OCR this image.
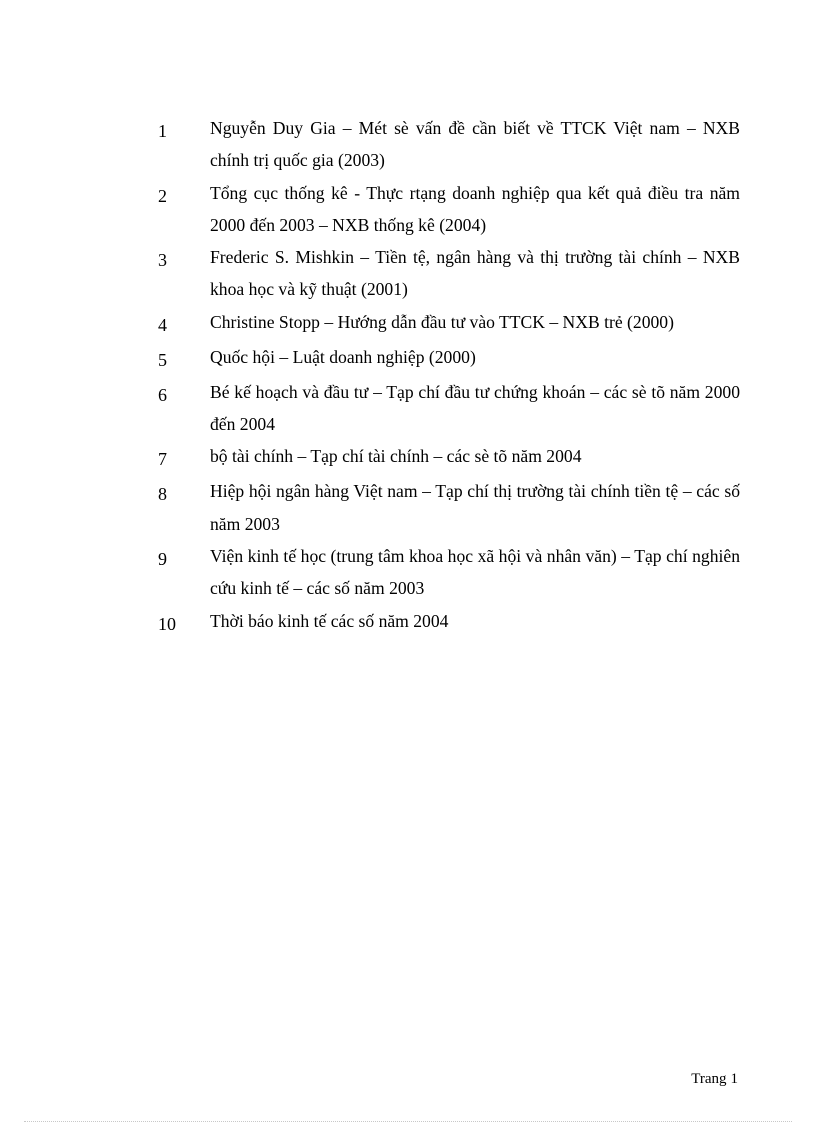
1	Nguyễn Duy Gia – Mét sè vấn đề cần biết về TTCK Việt nam – NXB chính trị quốc gia (2003)
2	Tổng cục thống kê - Thực rtạng doanh nghiệp qua kết quả điều tra năm 2000 đến 2003 – NXB thống kê (2004)
3	Frederic S. Mishkin – Tiền tệ, ngân hàng và thị trường tài chính – NXB khoa học và kỹ thuật (2001)
4	Christine Stopp – Hướng dẫn đầu tư vào TTCK – NXB trẻ (2000)
5	Quốc hội – Luật doanh nghiệp (2000)
6	Bé kế hoạch và đầu tư – Tạp chí đầu tư chứng khoán – các sè tõ năm 2000 đến 2004
7	bộ tài chính – Tạp chí tài chính – các sè tõ năm 2004
8	Hiệp hội ngân hàng Việt nam – Tạp chí thị trường tài chính tiền tệ – các số năm 2003
9	Viện kinh tế học (trung tâm khoa học xã hội và nhân văn) – Tạp chí nghiên cứu kinh tế – các số năm 2003
10	Thời báo kinh tế các số năm 2004
Trang 1
